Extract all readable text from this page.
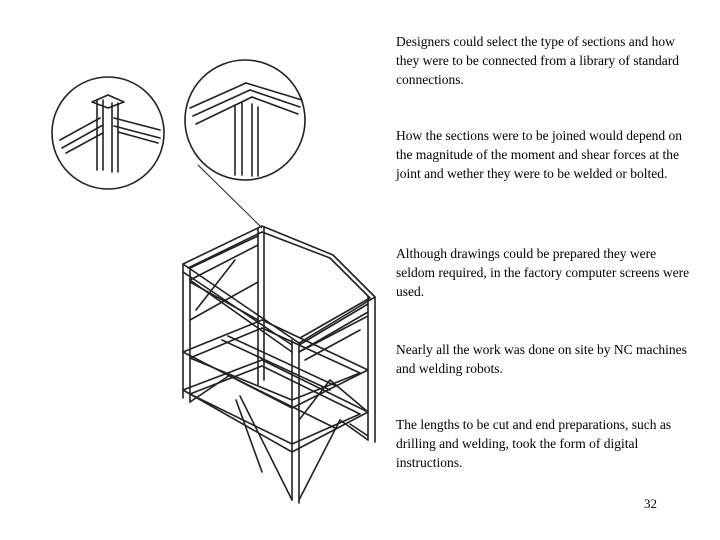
Designers could select the type of sections and how they were to be connected from a library of standard connections.

How the sections were to be joined would depend on the magnitude of the moment and shear forces at the joint and wether they were to be welded or bolted.

Although drawings could be prepared they were seldom required, in the factory computer screens were used.

Nearly all the work was done on site by NC machines and welding robots.

The lengths to be cut and end preparations, such as drilling and welding, took the form of digital instructions.

32
